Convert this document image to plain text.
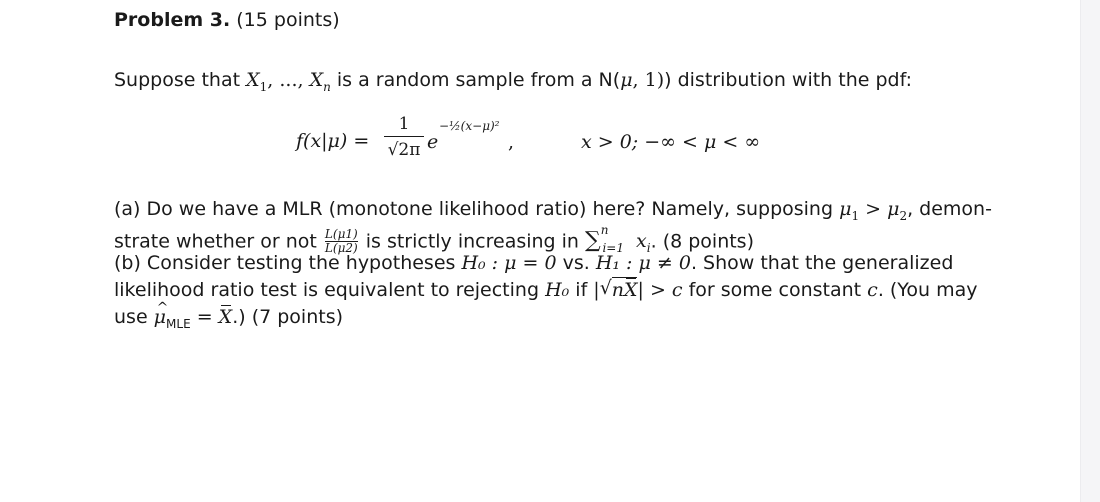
Problem 3. (15 points)
Suppose that $X_1$, ..., $X_n$ is a random sample from a N(μ, 1)) distribution with the pdf:
f(x|μ) =
1
√2π e
−½(x−μ)²
,	x > 0; −∞ < μ < ∞
(a) Do we have a MLR (monotone likelihood ratio) here? Namely, supposing $\mu_1 > \mu_2$, demon-
strate whether or not $\frac{L(\mu 1)}{L(\mu 2)}$ is strictly increasing in ∑$^n_{i=1}$ $x_i$. (8 points)
(b) Consider testing the hypotheses H₀ : μ = 0 vs. H₁ : μ ≠ 0. Show that the generalized
likelihood ratio test is equivalent to rejecting H₀ if |√ nX| > c for some constant c. (You may
use μ $\^{}_{MLE} = X$.) (7 points)
